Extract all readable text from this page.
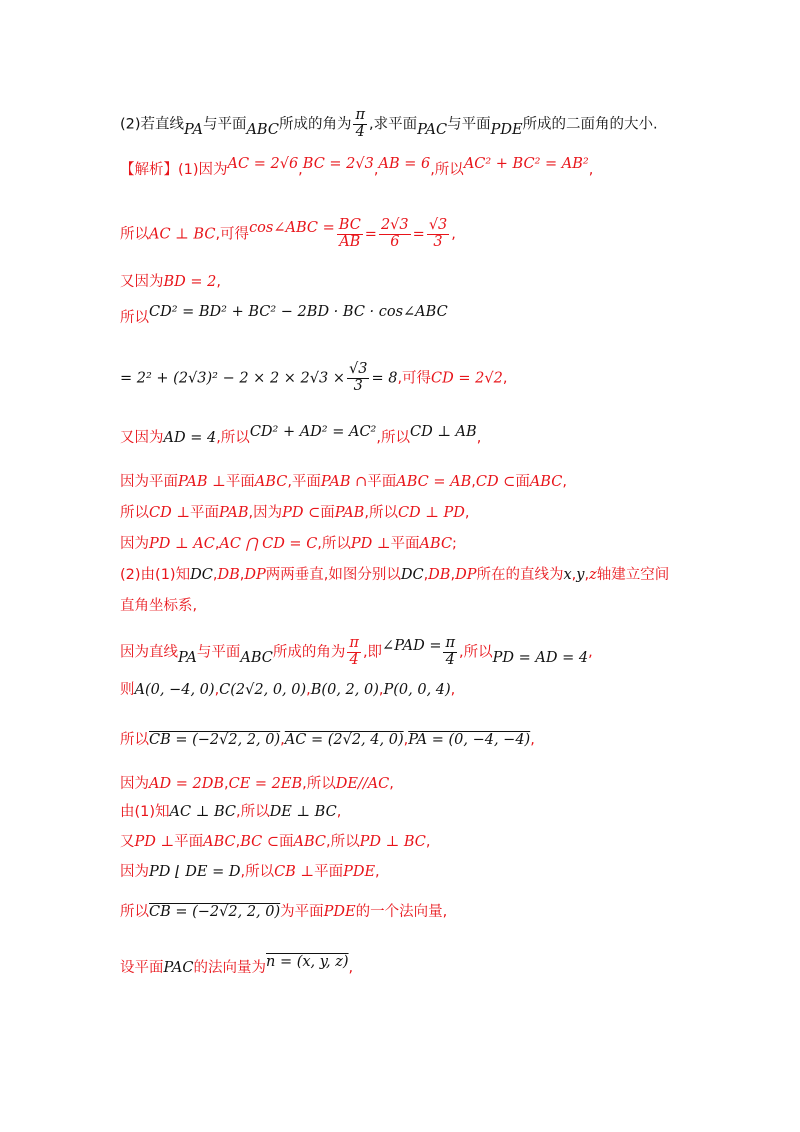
(2)若直线PA与平面ABC所成的角为 $\frac{\pi}{4}$ ,求平面PAC与平面PDE所成的二面角的大小.
【解析】(1)因为AC = 2√6,BC = 2√3,AB = 6,所以AC² + BC² = AB²,
所以AC ⊥ BC,可得cos∠ABC = $\frac{BC}{AB} = \frac{2√3}{6} = \frac{√3}{3}$ ,
又因为BD = 2,
所以CD² = BD² + BC² − 2BD · BC · cos∠ABC
= $2^2 + (2√3)^2 - 2 \times 2 \times 2√3 \times \frac{√3}{3} = 8$,可得CD = 2√2,
又因为AD = 4,所以CD² + AD² = AC²,所以CD ⊥ AB,
因为平面PAB ⊥平面ABC,平面PAB ∩平面ABC = AB,CD ⊂面ABC,
所以CD ⊥平面PAB,因为PD ⊂面PAB,所以CD ⊥ PD,
因为PD ⊥ AC,AC ⋂ CD = C,所以PD ⊥平面ABC;
(2)由(1)知DC,DB,DP两两垂直,如图分别以DC,DB,DP所在的直线为x,y,z轴建立空间
直角坐标系,
因为直线PA与平面ABC所成的角为 $\frac{\pi}{4}$ ,即∠PAD = $\frac{\pi}{4}$ ,所以PD = AD = 4,
则A(0, −4, 0),C(2√2, 0, 0),B(0, 2, 0),P(0, 0, 4),
所以CB = (−2√2, 2, 0),AC = (2√2, 4, 0),PA = (0, −4, −4),
因为AD = 2DB,CE = 2EB,所以DE//AC,
由(1)知AC ⊥ BC,所以DE ⊥ BC,
又PD ⊥平面ABC,BC ⊂面ABC,所以PD ⊥ BC,
因为PD ⌊ DE = D,所以CB ⊥平面PDE,
所以CB = (−2√2, 2, 0)为平面PDE的一个法向量,
设平面PAC的法向量为n = (x, y, z),
